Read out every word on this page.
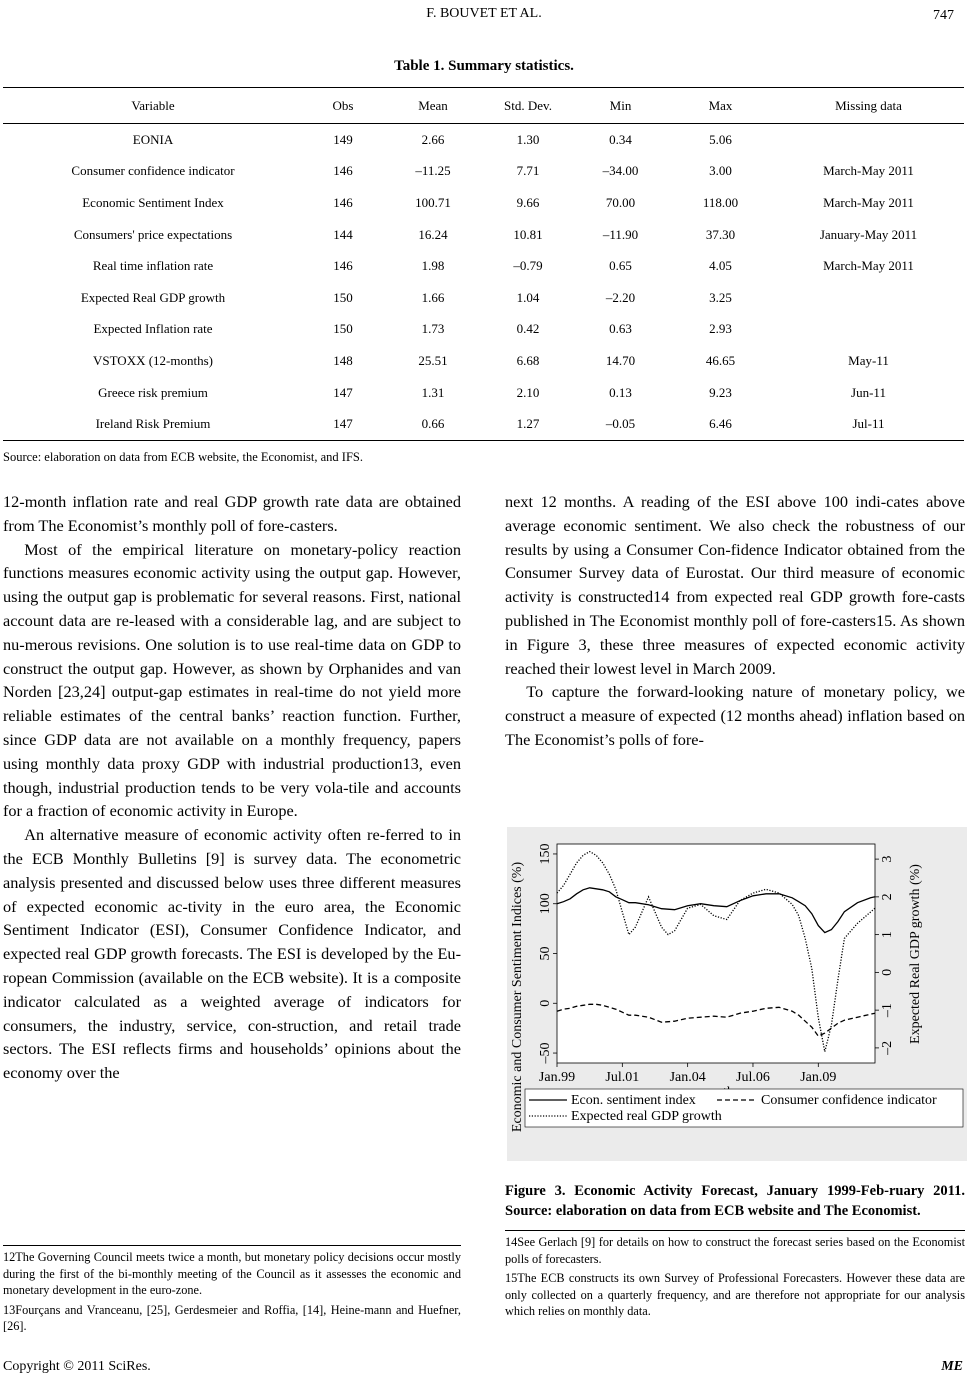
F. BOUVET ET AL.	747
Table 1. Summary statistics.
Variable	Obs	Mean	Std. Dev.	Min	Max	Missing data
EONIA	149	2.66	1.30	0.34	5.06	
Consumer confidence indicator	146	–11.25	7.71	–34.00	3.00	March-May 2011
Economic Sentiment Index	146	100.71	9.66	70.00	118.00	March-May 2011
Consumers' price expectations	144	16.24	10.81	–11.90	37.30	January-May 2011
Real time inflation rate	146	1.98	–0.79	0.65	4.05	March-May 2011
Expected Real GDP growth	150	1.66	1.04	–2.20	3.25	
Expected Inflation rate	150	1.73	0.42	0.63	2.93	
VSTOXX (12-months)	148	25.51	6.68	14.70	46.65	May-11
Greece risk premium	147	1.31	2.10	0.13	9.23	Jun-11
Ireland Risk Premium	147	0.66	1.27	–0.05	6.46	Jul-11
Source: elaboration on data from ECB website, the Economist, and IFS.

12-month inflation rate and real GDP growth rate data are obtained from The Economist’s monthly poll of fore-casters.

Most of the empirical literature on monetary-policy reaction functions measures economic activity using the output gap. However, using the output gap is problematic for several reasons. First, national account data are re-leased with a considerable lag, and are subject to nu-merous revisions. One solution is to use real-time data on GDP to construct the output gap. However, as shown by Orphanides and van Norden [23,24] output-gap estimates in real-time do not yield more reliable estimates of the central banks’ reaction function. Further, since GDP data are not available on a monthly frequency, papers using monthly data proxy GDP with industrial production13, even though, industrial production tends to be very vola-tile and accounts for a fraction of economic activity in Europe.

An alternative measure of economic activity often re-ferred to in the ECB Monthly Bulletins [9] is survey data. The econometric analysis presented and discussed below uses three different measures of expected economic ac-tivity in the euro area, the Economic Sentiment Indicator (ESI), Consumer Confidence Indicator, and expected real GDP growth forecasts. The ESI is developed by the Eu-ropean Commission (available on the ECB website). It is a composite indicator calculated as a weighted average of indicators for consumers, the industry, service, con-struction, and retail trade sectors. The ESI reflects firms and households’ opinions about the economy over the

next 12 months. A reading of the ESI above 100 indi-cates above average economic sentiment. We also check the robustness of our results by using a Consumer Con-fidence Indicator obtained from the Consumer Survey data of Eurostat. Our third measure of economic activity is constructed14 from expected real GDP growth fore-casts published in The Economist monthly poll of fore-casters15. As shown in Figure 3, these three measures of expected economic activity reached their lowest level in March 2009.

To capture the forward-looking nature of monetary policy, we construct a measure of expected (12 months ahead) inflation based on The Economist’s polls of fore-

–50
0
50
100
150
–2
–1
0
1
2
3
Jan.99 Jul.01 Jan.04 Jul.06 Jan.09
Economic and Consumer Sentiment Indices (%)	Expected Real GDP growth (%)
Econ. sentiment index	Consumer confidence indicator
Expected real GDP growth
Figure 3. Economic Activity Forecast, January 1999-Feb-ruary 2011. Source: elaboration on data from ECB website and The Economist.

12The Governing Council meets twice a month, but monetary policy decisions occur mostly during the first of the bi-monthly meeting of the Council as it assesses the economic and monetary development in the euro-zone.

13Fourçans and Vranceanu, [25], Gerdesmeier and Roffia, [14], Heine-mann and Huefner, [26].

14See Gerlach [9] for details on how to construct the forecast series based on the Economist polls of forecasters.

15The ECB constructs its own Survey of Professional Forecasters. However these data are only collected on a quarterly frequency, and are therefore not appropriate for our analysis which relies on monthly data.

Copyright © 2011 SciRes.	ME
